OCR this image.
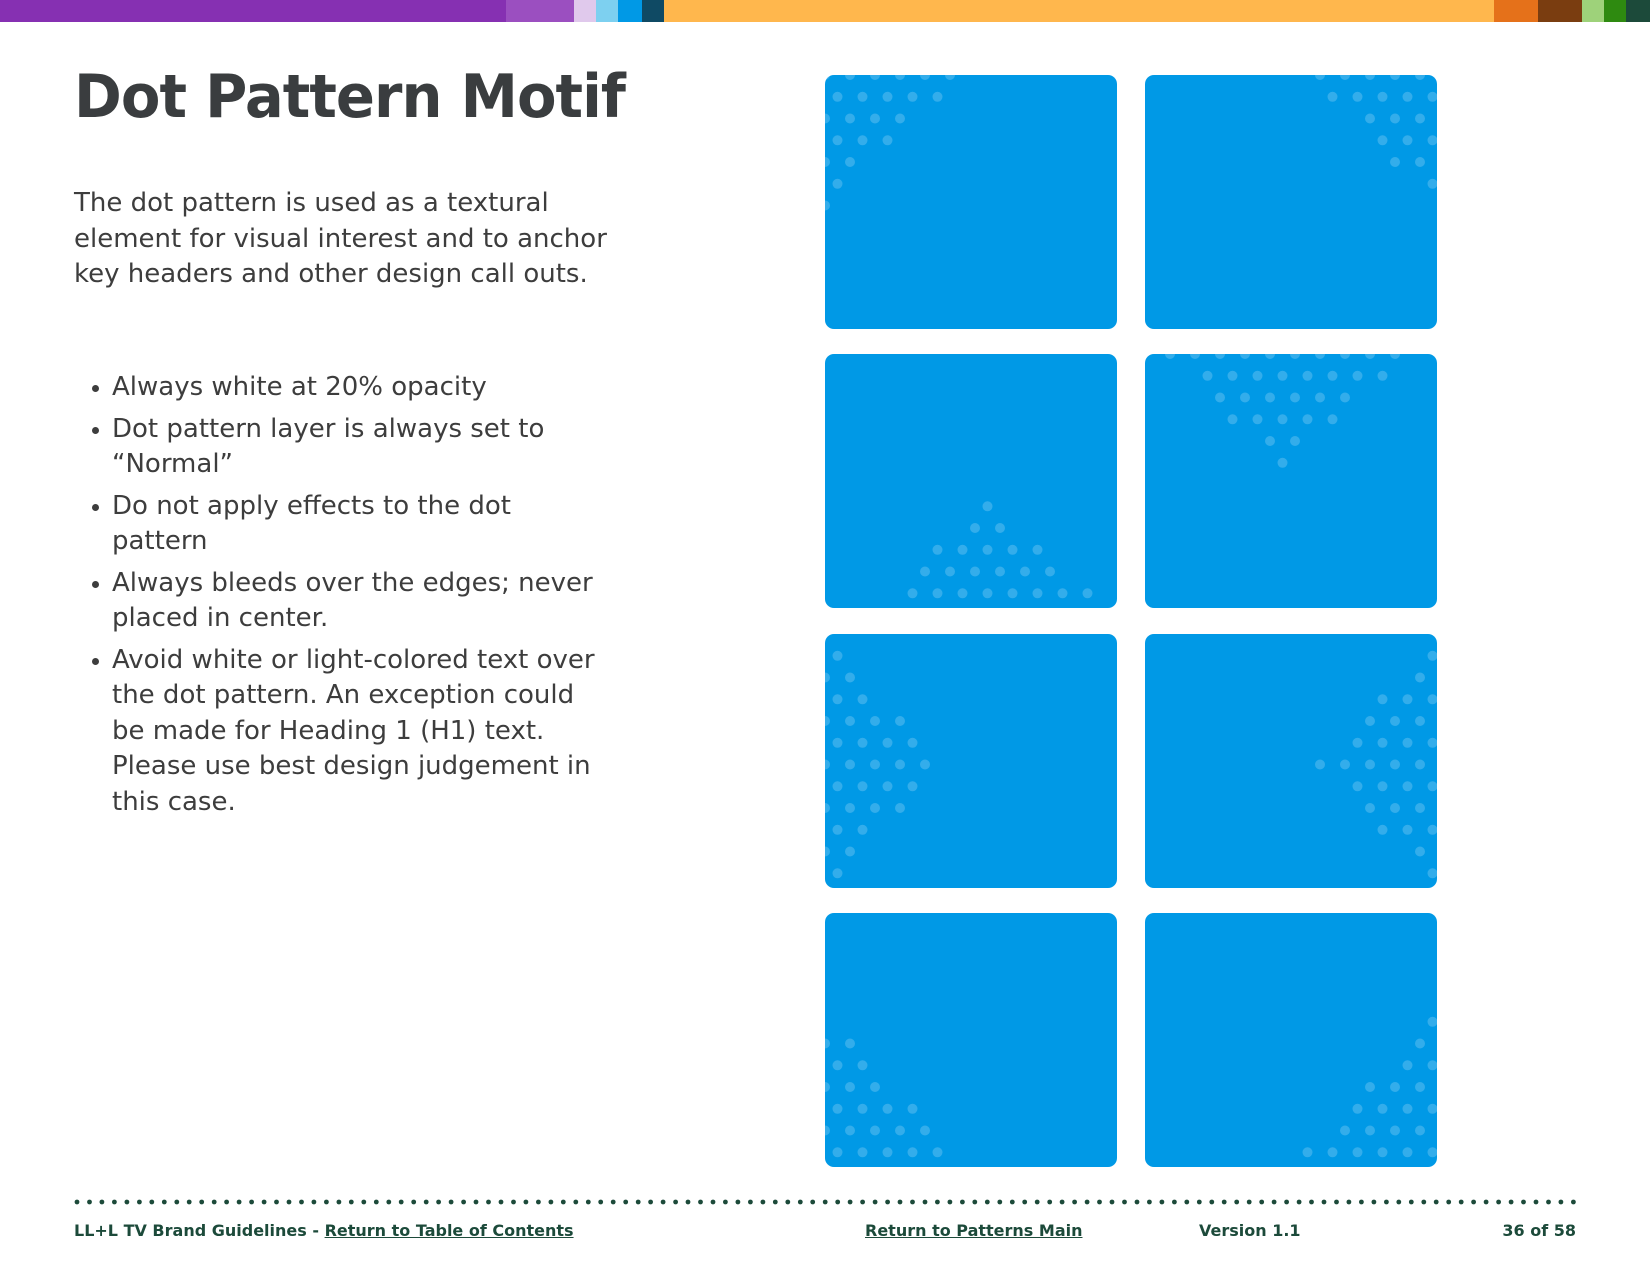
Dot Pattern Motif

The dot pattern is used as a textural element for visual interest and to anchor key headers and other design call outs.

Always white at 20% opacity
Dot pattern layer is always set to “Normal”
Do not apply effects to the dot pattern
Always bleeds over the edges; never placed in center.
Avoid white or light-colored text over the dot pattern. An exception could be made for Heading 1 (H1) text. Please use best design judgement in this case.
LL+L TV Brand Guidelines - Return to Table of Contents	Return to Patterns Main	Version 1.1	36 of 58
